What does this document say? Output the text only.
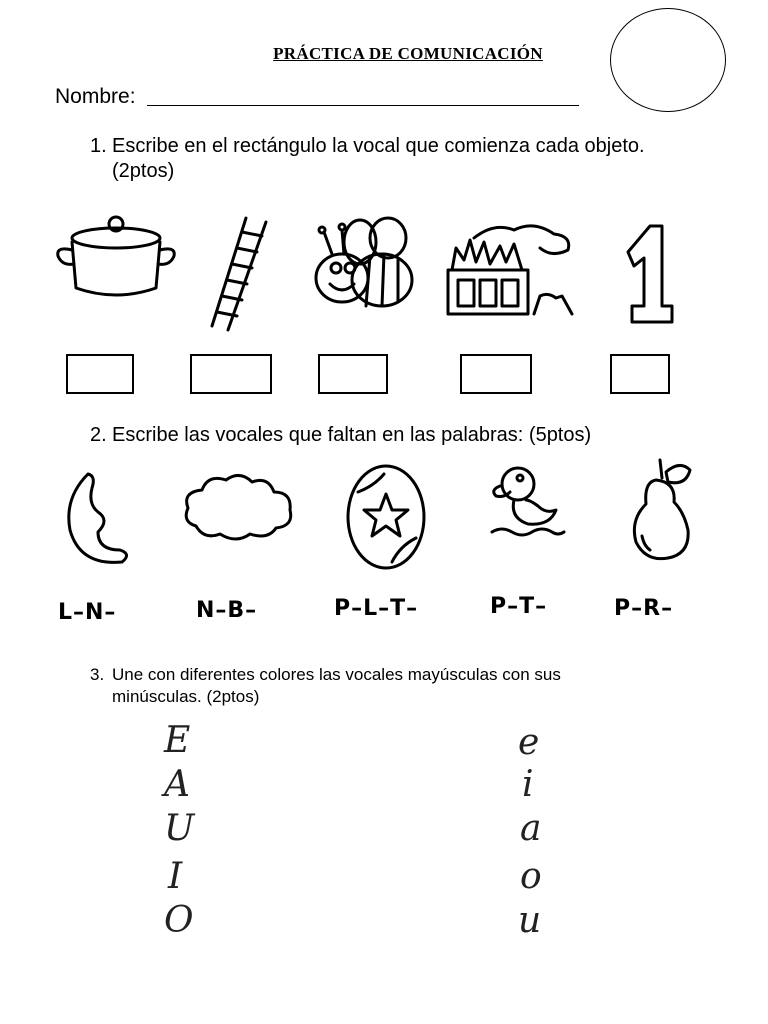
PRÁCTICA DE COMUNICACIÓN
Nombre:
1. Escribe en el rectángulo la vocal que comienza cada objeto.
(2ptos)
2. Escribe las vocales que faltan en las palabras: (5ptos)
L–N–	N–B–	P–L–T–	P–T–	P–R–
3. Une con diferentes colores las vocales mayúsculas con sus
minúsculas. (2ptos)
E
A
U
I
O
e
i
a
o
u
